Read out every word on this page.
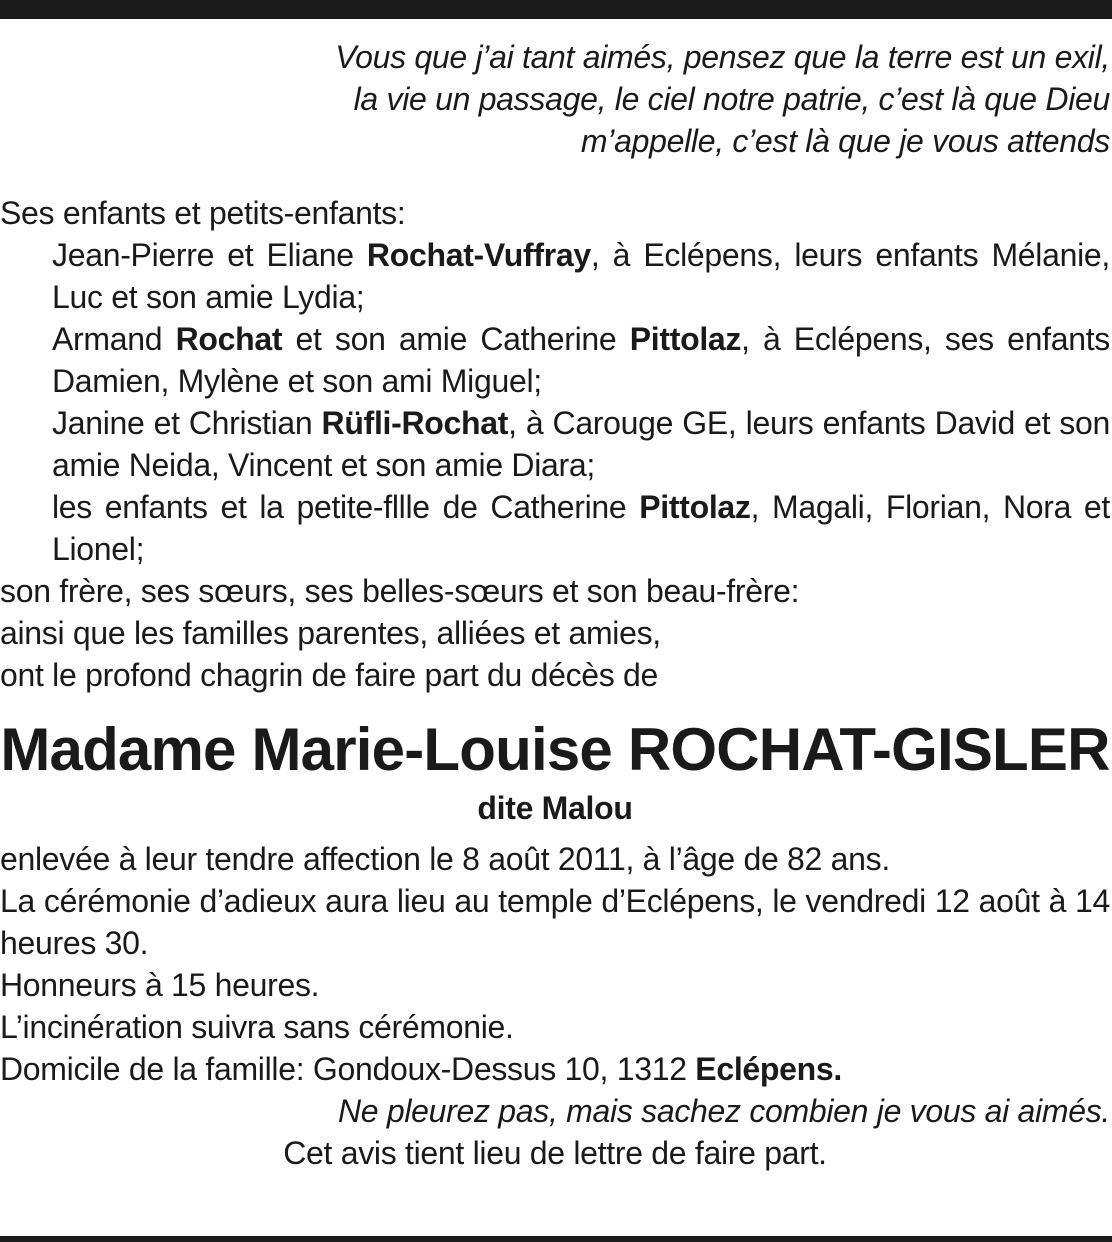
Vous que j’ai tant aimés, pensez que la terre est un exil,
la vie un passage, le ciel notre patrie, c’est là que Dieu
m’appelle, c’est là que je vous attends
Ses enfants et petits-enfants:
Jean-Pierre et Eliane Rochat-Vuffray, à Eclépens, leurs enfants Mélanie, Luc et son amie Lydia;
Armand Rochat et son amie Catherine Pittolaz, à Eclépens, ses enfants Damien, Mylène et son ami Miguel;
Janine et Christian Rüfli-Rochat, à Carouge GE, leurs enfants David et son amie Neida, Vincent et son amie Diara;
les enfants et la petite-fllle de Catherine Pittolaz, Magali, Florian, Nora et Lionel;
son frère, ses sœurs, ses belles-sœurs et son beau-frère:
ainsi que les familles parentes, alliées et amies,
ont le profond chagrin de faire part du décès de
Madame Marie-Louise ROCHAT-GISLER
dite Malou
enlevée à leur tendre affection le 8 août 2011, à l’âge de 82 ans.
La cérémonie d’adieux aura lieu au temple d’Eclépens, le vendredi 12 août à 14 heures 30.
Honneurs à 15 heures.
L’incinération suivra sans cérémonie.
Domicile de la famille: Gondoux-Dessus 10, 1312 Eclépens.
Ne pleurez pas, mais sachez combien je vous ai aimés.
Cet avis tient lieu de lettre de faire part.
